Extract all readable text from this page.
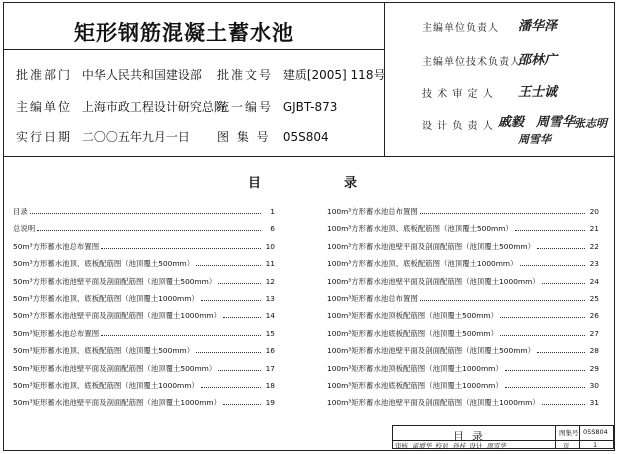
矩形钢筋混凝土蓄水池
批准部门 中华人民共和国建设部 批准文号 建质[2005] 118号
主编单位 上海市政工程设计研究总院
统一编号 GJBT-873
实行日期 二〇〇五年九月一日 图 集 号 05S804
主编单位负责人 潘华泽
主编单位技术负责人
邵林广
技 术 审 定 人 王士诚
设 计 负 责 人 戚毅 周雪华
张志明
周雪华
目	录
目录	1
总说明	6
50m³方形蓄水池总布置图	10
50m³方形蓄水池顶、底板配筋图（池顶覆土500mm）	11
50m³方形蓄水池池壁平面及剖面配筋图（池顶覆土500mm）	12
50m³方形蓄水池顶、底板配筋图（池顶覆土1000mm）	13
50m³方形蓄水池池壁平面及剖面配筋图（池顶覆土1000mm）	14
50m³矩形蓄水池总布置图	15
50m³矩形蓄水池顶、底板配筋图（池顶覆土500mm）	16
50m³矩形蓄水池池壁平面及剖面配筋图（池顶覆土500mm）	17
50m³矩形蓄水池顶、底板配筋图（池顶覆土1000mm）	18
50m³矩形蓄水池池壁平面及剖面配筋图（池顶覆土1000mm）	19
100m³方形蓄水池总布置图	20
100m³方形蓄水池顶、底板配筋图（池顶覆土500mm）	21
100m³方形蓄水池池壁平面及剖面配筋图（池顶覆土500mm）	22
100m³方形蓄水池顶、底板配筋图（池顶覆土1000mm）	23
100m³方形蓄水池池壁平面及剖面配筋图（池顶覆土1000mm）	24
100m³矩形蓄水池总布置图	25
100m³矩形蓄水池顶板配筋图（池顶覆土500mm）	26
100m³矩形蓄水池底板配筋图（池顶覆土500mm）	27
100m³矩形蓄水池池壁平面及剖面配筋图（池顶覆土500mm）	28
100m³矩形蓄水池顶板配筋图（池顶覆土1000mm）	29
100m³矩形蓄水池底板配筋图（池顶覆土1000mm）	30
100m³矩形蓄水池池壁平面及剖面配筋图（池顶覆土1000mm）	31
目录	图集号 05S804
审核 雷增华 校对 孙桂 设计 周雪华	页	1
